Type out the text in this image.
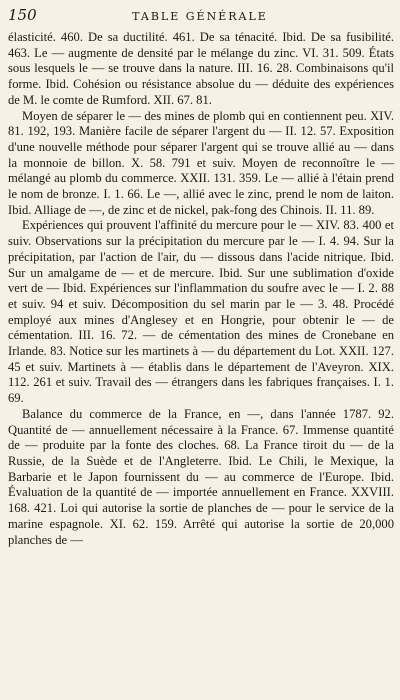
150	TABLE GÉNÉRALE

élasticité. 460. De sa ductilité. 461. De sa ténacité. Ibid. De sa fusibilité. 463. Le — augmente de densité par le mélange du zinc. VI. 31. 509. États sous lesquels le — se trouve dans la nature. III. 16. 28. Combinaisons qu'il forme. Ibid. Cohésion ou résistance absolue du — déduite des expériences de M. le comte de Rumford. XII. 67. 81.

Moyen de séparer le — des mines de plomb qui en contiennent peu. XIV. 81. 192, 193. Manière facile de séparer l'argent du — II. 12. 57. Exposition d'une nouvelle méthode pour séparer l'argent qui se trouve allié au — dans la monnoie de billon. X. 58. 791 et suiv. Moyen de reconnoître le — mélangé au plomb du commerce. XXII. 131. 359. Le — allié à l'étain prend le nom de bronze. I. 1. 66. Le —, allié avec le zinc, prend le nom de laiton. Ibid. Alliage de —, de zinc et de nickel, pak-fong des Chinois. II. 11. 89.

Expériences qui prouvent l'affinité du mercure pour le — XIV. 83. 400 et suiv. Observations sur la précipitation du mercure par le — I. 4. 94. Sur la précipitation, par l'action de l'air, du — dissous dans l'acide nitrique. Ibid. Sur un amalgame de — et de mercure. Ibid. Sur une sublimation d'oxide vert de — Ibid. Expériences sur l'inflammation du soufre avec le — I. 2. 88 et suiv. 94 et suiv. Décomposition du sel marin par le — 3. 48. Procédé employé aux mines d'Anglesey et en Hongrie, pour obtenir le — de cémentation. III. 16. 72. — de cémentation des mines de Cronebane en Irlande. 83. Notice sur les martinets à — du département du Lot. XXII. 127. 45 et suiv. Martinets à — établis dans le département de l'Aveyron. XIX. 112. 261 et suiv. Travail des — étrangers dans les fabriques françaises. I. 1. 69.

Balance du commerce de la France, en —, dans l'année 1787. 92. Quantité de — annuellement nécessaire à la France. 67. Immense quantité de — produite par la fonte des cloches. 68. La France tiroit du — de la Russie, de la Suède et de l'Angleterre. Ibid. Le Chili, le Mexique, la Barbarie et le Japon fournissent du — au commerce de l'Europe. Ibid. Évaluation de la quantité de — importée annuellement en France. XXVIII. 168. 421. Loi qui autorise la sortie de planches de — pour le service de la marine espagnole. XI. 62. 159. Arrêté qui autorise la sortie de 20,000 planches de —
